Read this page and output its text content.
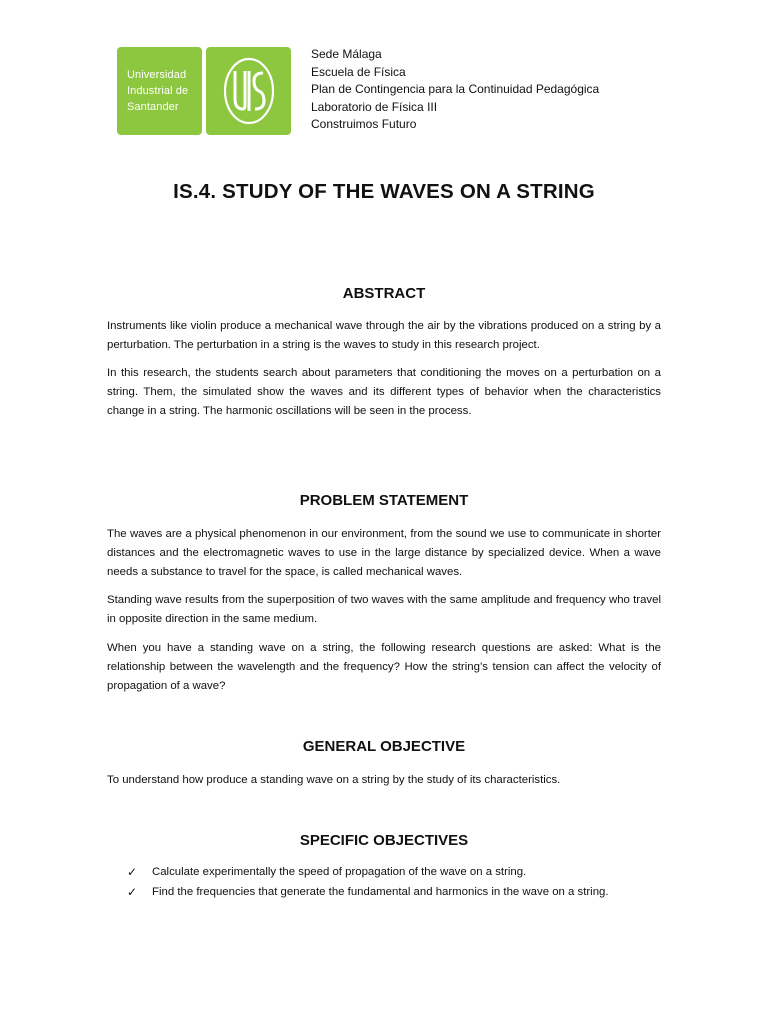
Universidad
Industrial de
Santander
Sede Málaga
Escuela de Física
Plan de Contingencia para la Continuidad Pedagógica
Laboratorio de Física III
Construimos Futuro
IS.4. STUDY OF THE WAVES ON A STRING
ABSTRACT
Instruments like violin produce a mechanical wave through the air by the vibrations produced on a string by a perturbation. The perturbation in a string is the waves to study in this research project.
In this research, the students search about parameters that conditioning the moves on a perturbation on a string. Them, the simulated show the waves and its different types of behavior when the characteristics change in a string. The harmonic oscillations will be seen in the process.
PROBLEM STATEMENT
The waves are a physical phenomenon in our environment, from the sound we use to communicate in shorter distances and the electromagnetic waves to use in the large distance by specialized device. When a wave needs a substance to travel for the space, is called mechanical waves.
Standing wave results from the superposition of two waves with the same amplitude and frequency who travel in opposite direction in the same medium.
When you have a standing wave on a string, the following research questions are asked: What is the relationship between the wavelength and the frequency? How the string’s tension can affect the velocity of propagation of a wave?
GENERAL OBJECTIVE
To understand how produce a standing wave on a string by the study of its characteristics.
SPECIFIC OBJECTIVES
✓ Calculate experimentally the speed of propagation of the wave on a string.
✓ Find the frequencies that generate the fundamental and harmonics in the wave on a string.
